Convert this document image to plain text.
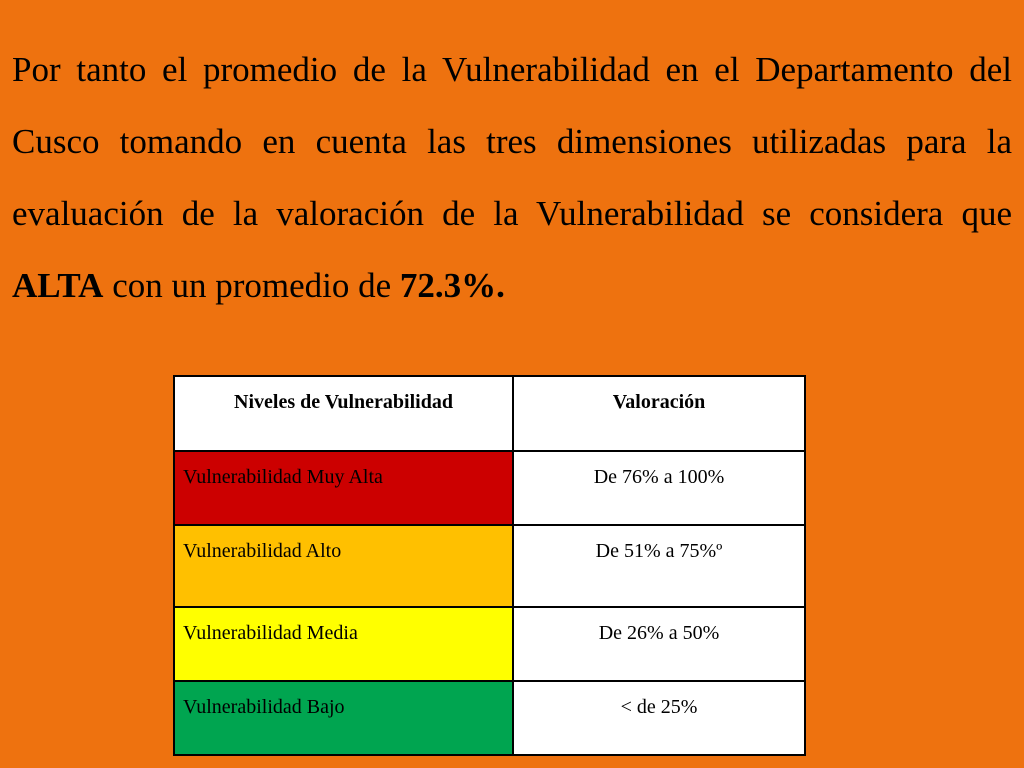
Por tanto el promedio de la Vulnerabilidad en el Departamento del Cusco tomando en cuenta las tres dimensiones utilizadas para la evaluación de la valoración de la Vulnerabilidad se considera que ALTA con un promedio de 72.3%.

Niveles de Vulnerabilidad	Valoración
Vulnerabilidad Muy Alta	De 76% a 100%
Vulnerabilidad Alto	De 51% a 75%º
Vulnerabilidad Media	De 26% a 50%
Vulnerabilidad Bajo	< de 25%
